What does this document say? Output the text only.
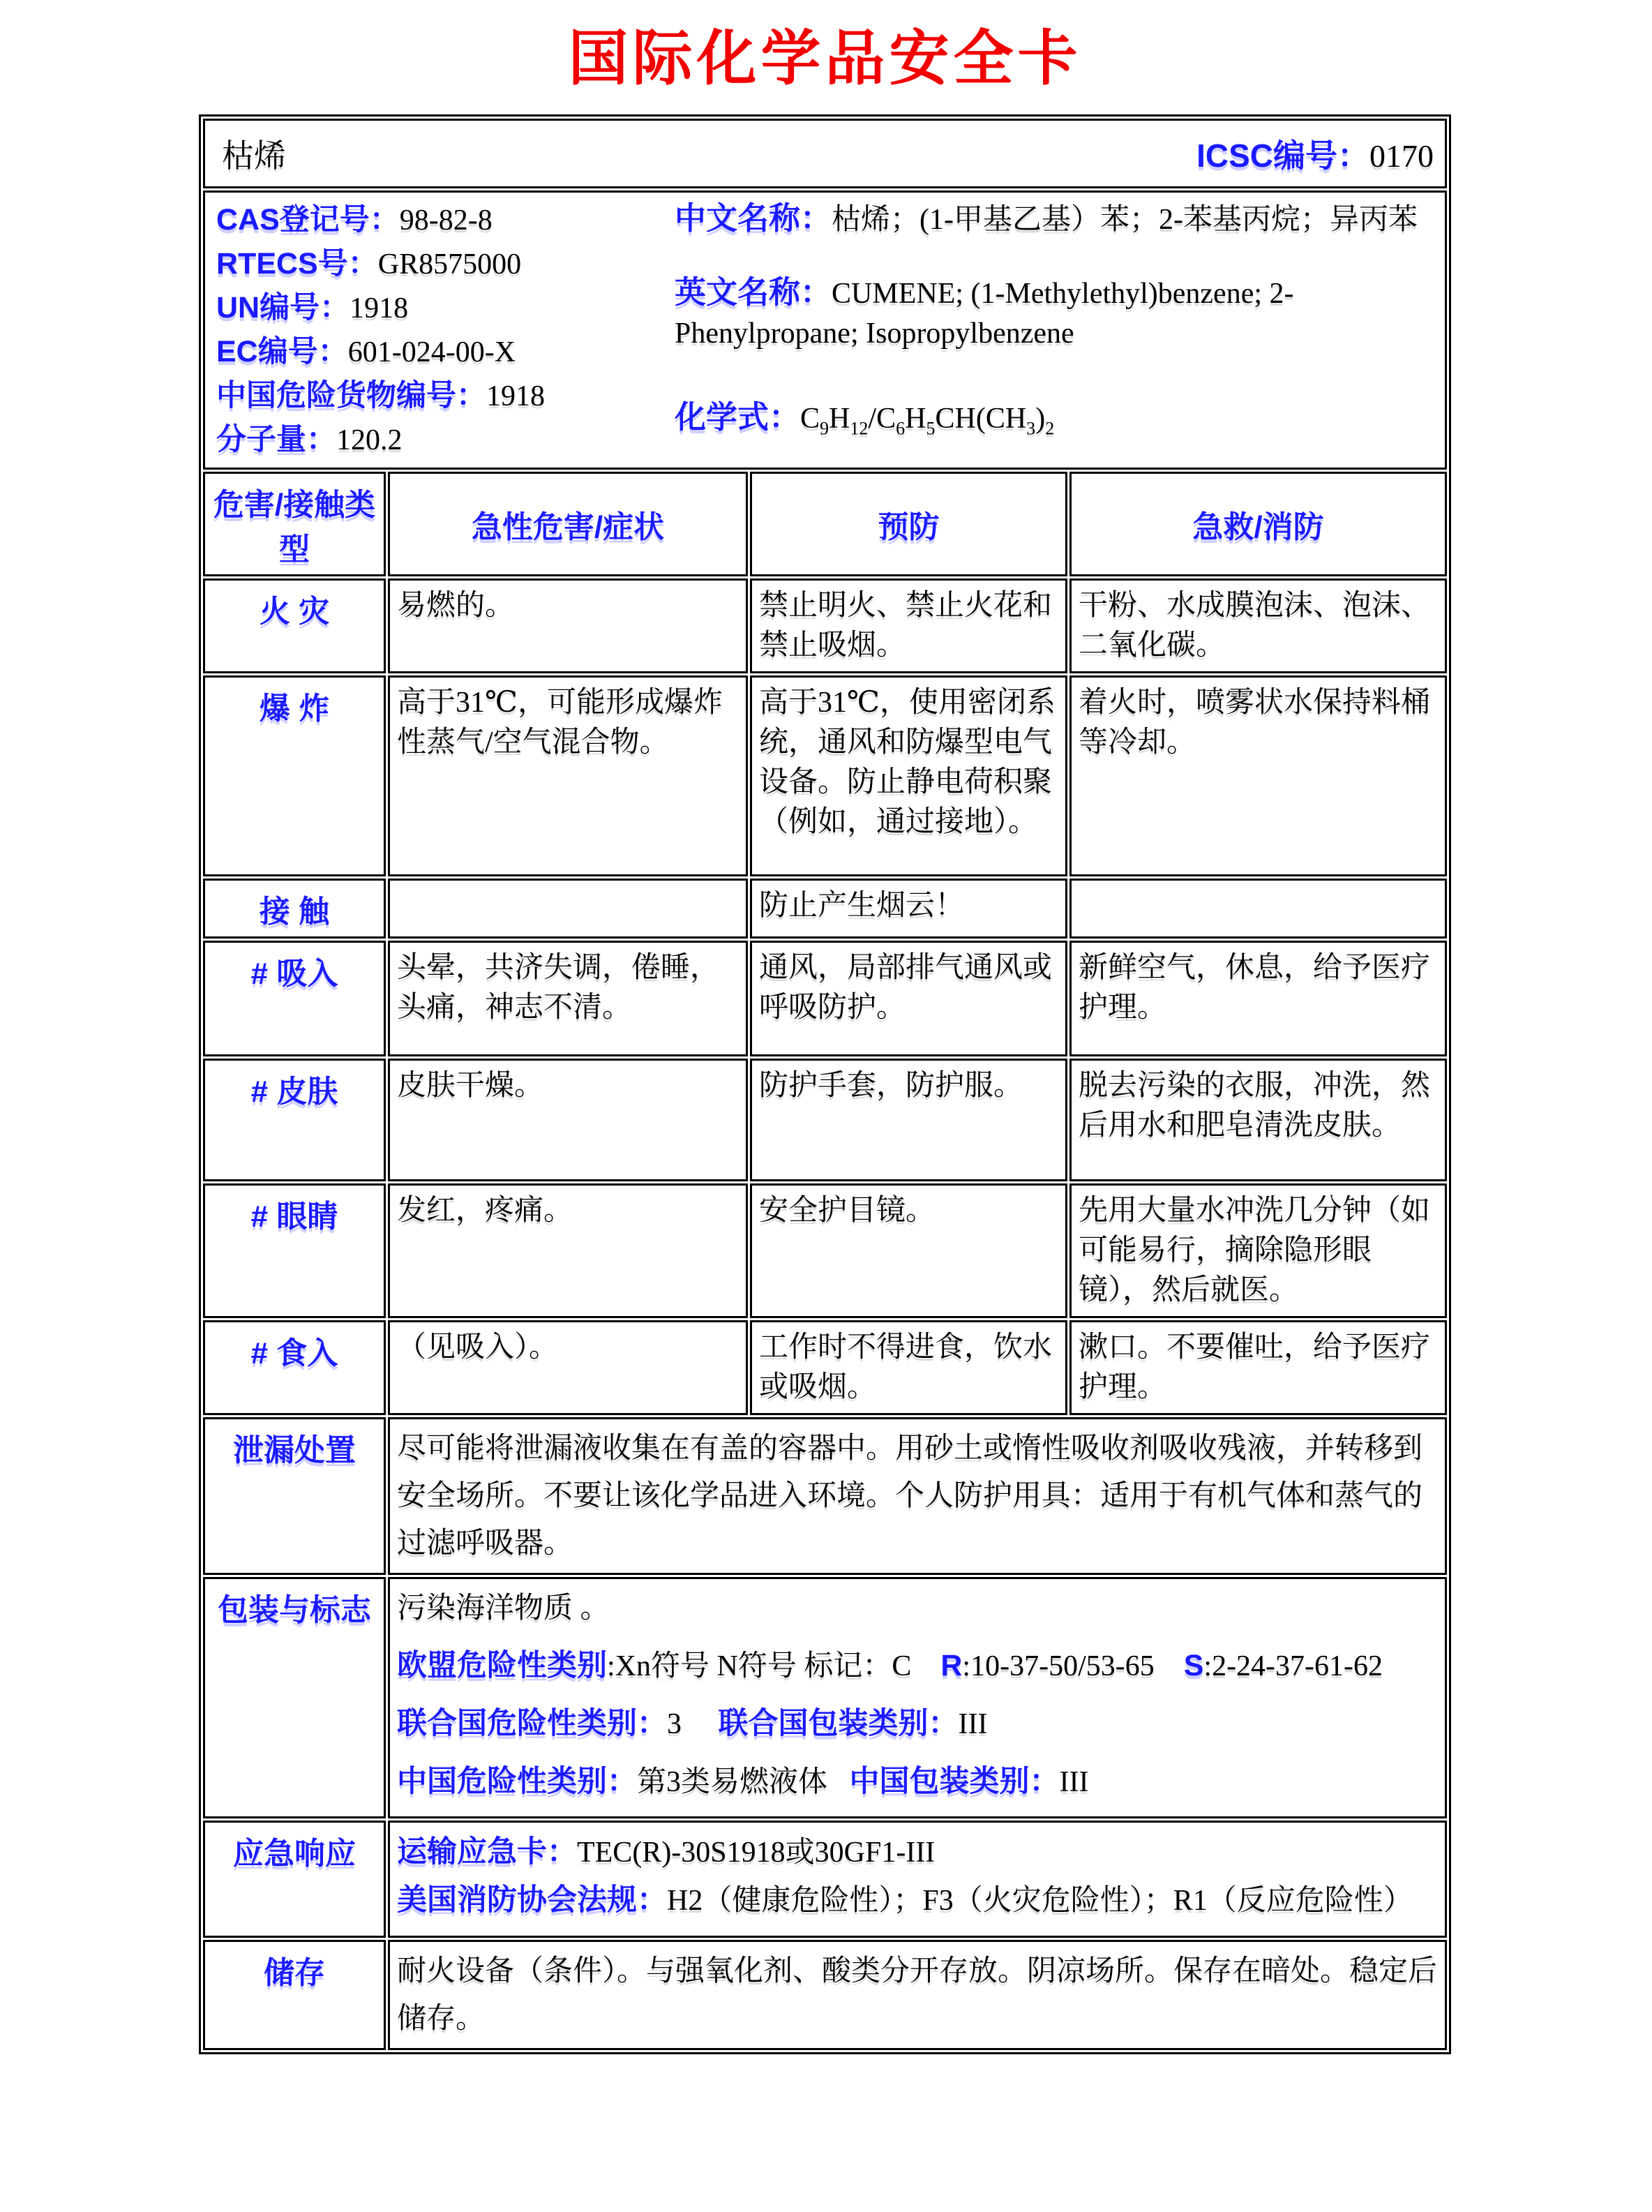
国际化学品安全卡
枯烯 ICSC编号：0170			

CAS登记号：98-82-8
RTECS号：GR8575000
UN编号：1918
EC编号：601-024-00-X
中国危险货物编号：1918
分子量：120.2

中文名称：枯烯；(1-甲基乙基）苯；2-苯基丙烷；异丙苯

英文名称：CUMENE; (1-Methylethyl)benzene; 2-Phenylpropane; Isopropylbenzene

化学式：$C_9H_{12}/C_6H_5CH(CH_3)_2$

危害/接触类型	急性危害/症状	预防	急救/消防
火 灾	易燃的。	禁止明火、禁止火花和禁止吸烟。	干粉、水成膜泡沫、泡沫、二氧化碳。
爆 炸	高于31℃，可能形成爆炸性蒸气/空气混合物。	高于31℃，使用密闭系统，通风和防爆型电气设备。防止静电荷积聚（例如，通过接地）。	着火时，喷雾状水保持料桶等冷却。
接 触		防止产生烟云！	
# 吸入	头晕，共济失调，倦睡，头痛，神志不清。	通风，局部排气通风或呼吸防护。	新鲜空气，休息，给予医疗护理。
# 皮肤	皮肤干燥。	防护手套，防护服。	脱去污染的衣服，冲洗，然后用水和肥皂清洗皮肤。
# 眼睛	发红，疼痛。	安全护目镜。	先用大量水冲洗几分钟（如可能易行，摘除隐形眼镜），然后就医。
# 食入	（见吸入）。	工作时不得进食，饮水或吸烟。	漱口。不要催吐，给予医疗护理。
泄漏处置	尽可能将泄漏液收集在有盖的容器中。用砂土或惰性吸收剂吸收残液，并转移到安全场所。不要让该化学品进入环境。个人防护用具：适用于有机气体和蒸气的过滤呼吸器。		
包装与标志	污染海洋物质 。

欧盟危险性类别:Xn符号 N符号 标记：C    R:10-37-50/53-65    S:2-24-37-61-62

联合国危险性类别：3     联合国包装类别：III

中国危险性类别：第3类易燃液体   中国包装类别：III		

应急响应	运输应急卡：TEC(R)-30S1918或30GF1-III

美国消防协会法规：H2（健康危险性）；F3（火灾危险性）；R1（反应危险性）		

储存	耐火设备（条件）。与强氧化剂、酸类分开存放。阴凉场所。保存在暗处。稳定后储存。		
